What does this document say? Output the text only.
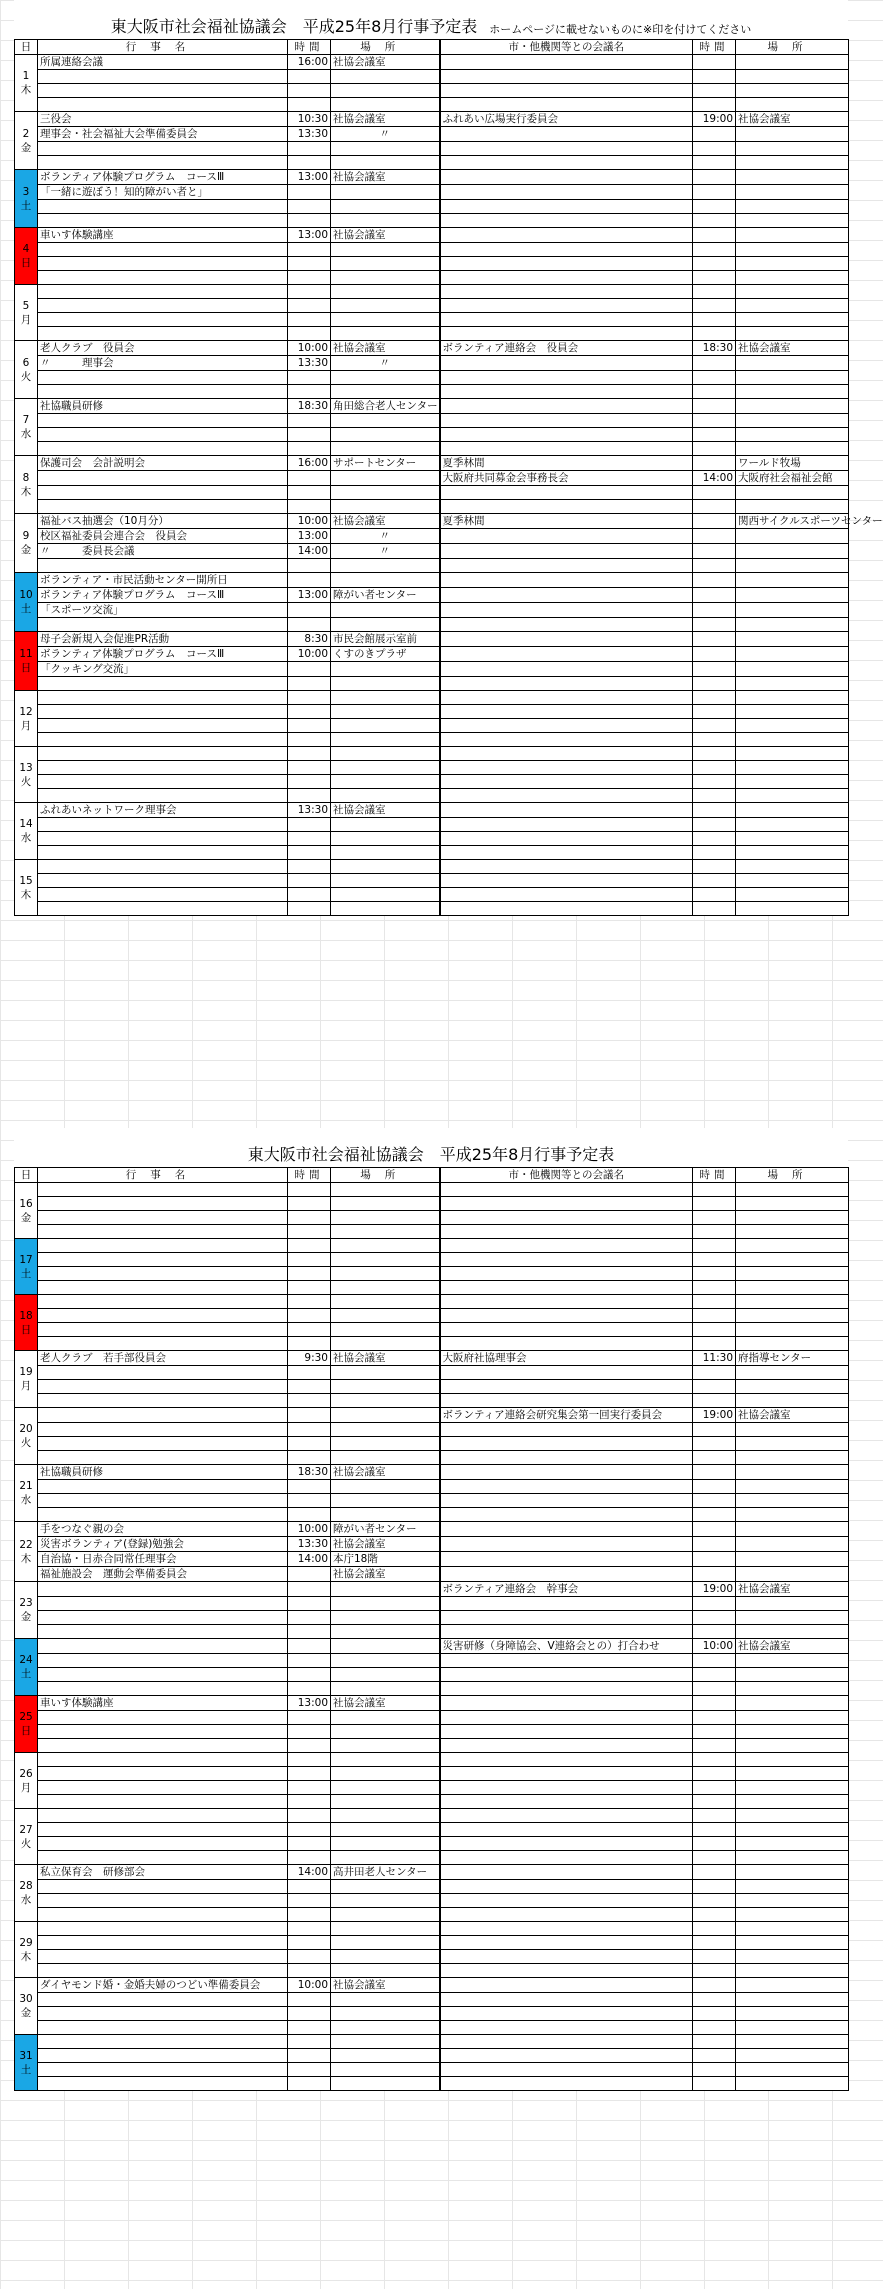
東大阪市社会福祉協議会　平成25年8月行事予定表 ホームページに載せないものに※印を付けてください
日	行事名	時間	場所	市・他機関等との会議名	時間	場所

1
木	所属連絡会議	16:00	社協会議室			

2
金	三役会	10:30	社協会議室	ふれあい広場実行委員会	19:00	社協会議室
	理事会・社会福祉大会準備委員会	13:30	〃			

3
土	ボランティア体験プログラム　コースⅢ	13:00	社協会議室			
	「一緒に遊ぼう！知的障がい者と」					

4
日	車いす体験講座	13:00	社協会議室			

5
月						

6
火	老人クラブ　役員会	10:00	社協会議室	ボランティア連絡会　役員会	18:30	社協会議室
	〃　　　理事会	13:30	〃			

7
水	社協職員研修	18:30	角田総合老人センター			

8
木	保護司会　会計説明会	16:00	サポートセンター	夏季林間		ワールド牧場
				大阪府共同募金会事務長会	14:00	大阪府社会福祉会館

9
金	福祉バス抽選会（10月分）	10:00	社協会議室	夏季林間		関西サイクルスポーツセンター
	校区福祉委員会連合会　役員会	13:00	〃			
	〃　　　委員長会議	14:00	〃			

10
土	ボランティア・市民活動センター開所日					
	ボランティア体験プログラム　コースⅢ	13:00	障がい者センター			
	「スポーツ交流」					

11
日	母子会新規入会促進PR活動	8:30	市民会館展示室前			
	ボランティア体験プログラム　コースⅢ	10:00	くすのきプラザ			
	「クッキング交流」					

12
月						

13
火						

14
水	ふれあいネットワーク理事会	13:30	社協会議室			

15
木						

東大阪市社会福祉協議会　平成25年8月行事予定表
日	行事名	時間	場所	市・他機関等との会議名	時間	場所

16
金						

17
土						

18
日						

19
月	老人クラブ　若手部役員会	9:30	社協会議室	大阪府社協理事会	11:30	府指導センター

20
火				ボランティア連絡会研究集会第一回実行委員会	19:00	社協会議室

21
水	社協職員研修	18:30	社協会議室			

22
木	手をつなぐ親の会	10:00	障がい者センター			
	災害ボランティア(登録)勉強会	13:30	社協会議室			
	自治協・日赤合同常任理事会	14:00	本庁18階			
	福祉施設会　運動会準備委員会		社協会議室			

23
金				ボランティア連絡会　幹事会	19:00	社協会議室

24
土				災害研修（身障協会、V連絡会との）打合わせ	10:00	社協会議室

25
日	車いす体験講座	13:00	社協会議室			

26
月						

27
火						

28
水	私立保育会　研修部会	14:00	高井田老人センター			

29
木						

30
金	ダイヤモンド婚・金婚夫婦のつどい準備委員会	10:00	社協会議室			

31
土						
